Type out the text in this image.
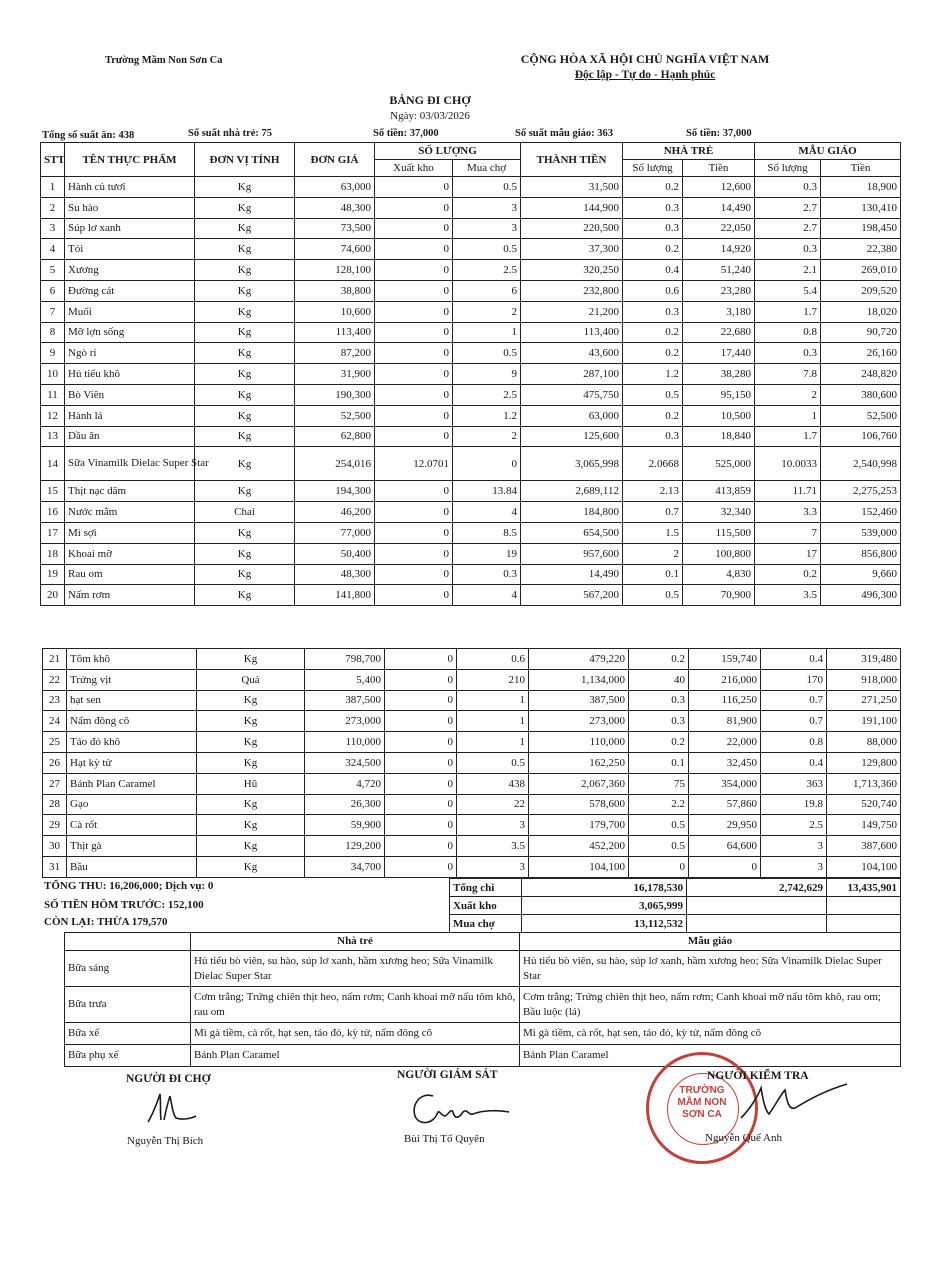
Trường Mầm Non Sơn Ca	CỘNG HÒA XÃ HỘI CHỦ NGHĨA VIỆT NAM
Độc lập - Tự do - Hạnh phúc
BẢNG ĐI CHỢ
Ngày: 03/03/2026
Tổng số suất ăn: 438	Số suất nhà trẻ: 75	Số tiền: 37,000	Số suất mẫu giáo: 363	Số tiền: 37,000
STT	TÊN THỰC PHẨM	ĐƠN VỊ TÍNH	ĐƠN GIÁ	SỐ LƯỢNG		THÀNH TIỀN	NHÀ TRẺ		MẪU GIÁO	
				Xuất kho	Mua chợ		Số lượng	Tiền	Số lượng	Tiền
1	Hành củ tươi	Kg	63,000	0	0.5	31,500	0.2	12,600	0.3	18,900
2	Su hào	Kg	48,300	0	3	144,900	0.3	14,490	2.7	130,410
3	Súp lơ xanh	Kg	73,500	0	3	220,500	0.3	22,050	2.7	198,450
4	Tỏi	Kg	74,600	0	0.5	37,300	0.2	14,920	0.3	22,380
5	Xương	Kg	128,100	0	2.5	320,250	0.4	51,240	2.1	269,010
6	Đường cát	Kg	38,800	0	6	232,800	0.6	23,280	5.4	209,520
7	Muối	Kg	10,600	0	2	21,200	0.3	3,180	1.7	18,020
8	Mỡ lợn sống	Kg	113,400	0	1	113,400	0.2	22,680	0.8	90,720
9	Ngò rí	Kg	87,200	0	0.5	43,600	0.2	17,440	0.3	26,160
10	Hủ tiếu khô	Kg	31,900	0	9	287,100	1.2	38,280	7.8	248,820
11	Bò Viên	Kg	190,300	0	2.5	475,750	0.5	95,150	2	380,600
12	Hành lá	Kg	52,500	0	1.2	63,000	0.2	10,500	1	52,500
13	Dầu ăn	Kg	62,800	0	2	125,600	0.3	18,840	1.7	106,760
14	Sữa Vinamilk Dielac Super Star	Kg	254,016	12.0701	0	3,065,998	2.0668	525,000	10.0033	2,540,998
15	Thịt nạc dăm	Kg	194,300	0	13.84	2,689,112	2.13	413,859	11.71	2,275,253
16	Nước mắm	Chai	46,200	0	4	184,800	0.7	32,340	3.3	152,460
17	Mì sợi	Kg	77,000	0	8.5	654,500	1.5	115,500	7	539,000
18	Khoai mỡ	Kg	50,400	0	19	957,600	2	100,800	17	856,800
19	Rau om	Kg	48,300	0	0.3	14,490	0.1	4,830	0.2	9,660
20	Nấm rơm	Kg	141,800	0	4	567,200	0.5	70,900	3.5	496,300
21	Tôm khô	Kg	798,700	0	0.6	479,220	0.2	159,740	0.4	319,480
22	Trứng vịt	Quả	5,400	0	210	1,134,000	40	216,000	170	918,000
23	hạt sen	Kg	387,500	0	1	387,500	0.3	116,250	0.7	271,250
24	Nấm đông cô	Kg	273,000	0	1	273,000	0.3	81,900	0.7	191,100
25	Táo đỏ khô	Kg	110,000	0	1	110,000	0.2	22,000	0.8	88,000
26	Hạt kỳ tử	Kg	324,500	0	0.5	162,250	0.1	32,450	0.4	129,800
27	Bánh Plan Caramel	Hũ	4,720	0	438	2,067,360	75	354,000	363	1,713,360
28	Gạo	Kg	26,300	0	22	578,600	2.2	57,860	19.8	520,740
29	Cà rốt	Kg	59,900	0	3	179,700	0.5	29,950	2.5	149,750
30	Thịt gà	Kg	129,200	0	3.5	452,200	0.5	64,600	3	387,600
31	Bầu	Kg	34,700	0	3	104,100	0	0	3	104,100
TỔNG THU: 16,206,000; Dịch vụ: 0
SỐ TIỀN HÔM TRƯỚC: 152,100
CÒN LẠI: THỪA 179,570
Tổng chi	16,178,530	2,742,629	13,435,901
Xuất kho	3,065,999		
Mua chợ	13,112,532		
	Nhà trẻ	Mẫu giáo
Bữa sáng	Hủ tiếu bò viên, su hào, súp lơ xanh, hầm xương heo; Sữa Vinamilk Dielac Super Star	Hủ tiếu bò viên, su hào, súp lơ xanh, hầm xương heo; Sữa Vinamilk Dielac Super Star
Bữa trưa	Cơm trắng; Trứng chiên thịt heo, nấm rơm; Canh khoai mỡ nấu tôm khô, rau om	Cơm trắng; Trứng chiên thịt heo, nấm rơm; Canh khoai mỡ nấu tôm khô, rau om; Bầu luộc (lá)
Bữa xế	Mì gà tiềm, cà rốt, hạt sen, táo đỏ, kỳ tử, nấm đông cô	Mì gà tiềm, cà rốt, hạt sen, táo đỏ, kỳ tử, nấm đông cô
Bữa phụ xế	Bánh Plan Caramel	Bánh Plan Caramel
NGƯỜI ĐI CHỢ
Nguyễn Thị Bích
NGƯỜI GIÁM SÁT
Bùi Thị Tố Quyên
TRƯỜNG
MẦM NON
SƠN CA
NGƯỜI KIỂM TRA
Nguyễn Quế Anh
